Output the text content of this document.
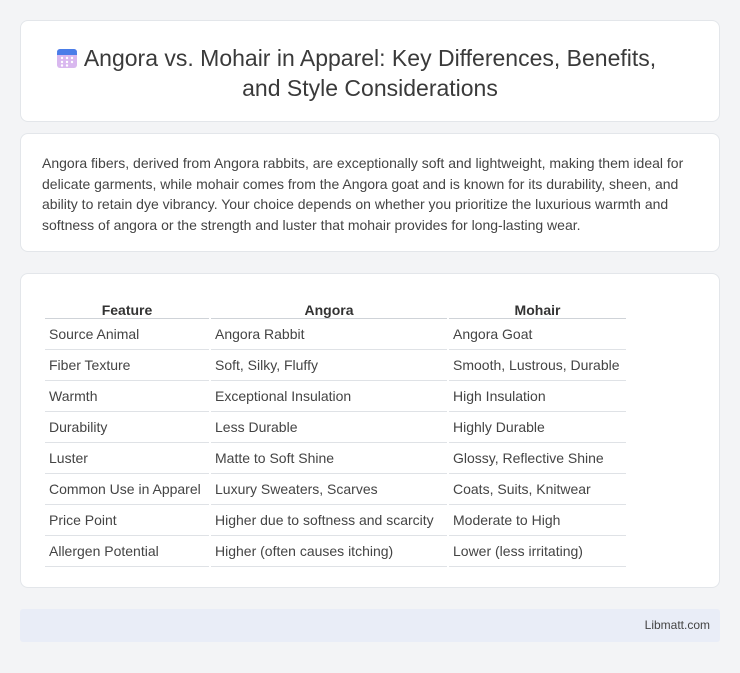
Angora vs. Mohair in Apparel: Key Differences, Benefits,
and Style Considerations

Angora fibers, derived from Angora rabbits, are exceptionally soft and lightweight, making them ideal for delicate garments, while mohair comes from the Angora goat and is known for its durability, sheen, and ability to retain dye vibrancy. Your choice depends on whether you prioritize the luxurious warmth and softness of angora or the strength and luster that mohair provides for long-lasting wear.

Feature	Angora	Mohair
Source Animal	Angora Rabbit	Angora Goat
Fiber Texture	Soft, Silky, Fluffy	Smooth, Lustrous, Durable
Warmth	Exceptional Insulation	High Insulation
Durability	Less Durable	Highly Durable
Luster	Matte to Soft Shine	Glossy, Reflective Shine
Common Use in Apparel	Luxury Sweaters, Scarves	Coats, Suits, Knitwear
Price Point	Higher due to softness and scarcity	Moderate to High
Allergen Potential	Higher (often causes itching)	Lower (less irritating)
Libmatt.com
